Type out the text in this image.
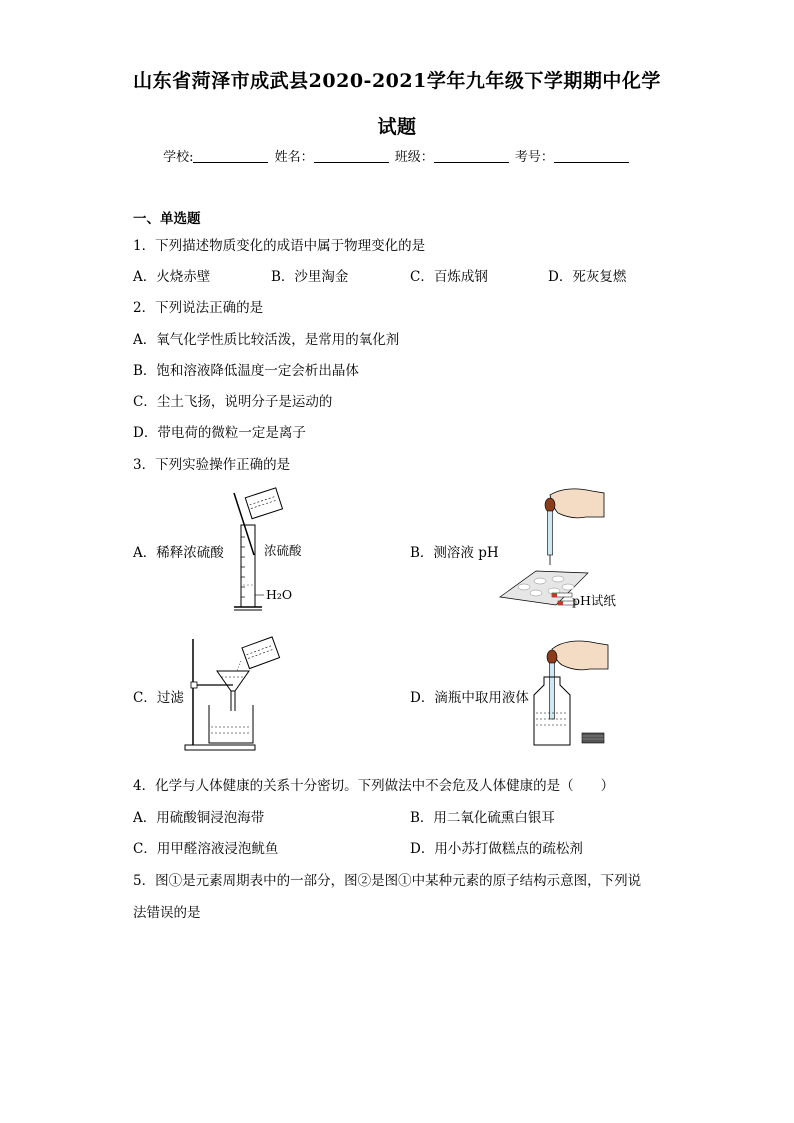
山东省菏泽市成武县2020-2021学年九年级下学期期中化学
试题
学校:	姓名：	班级：	考号：
一、单选题
1．下列描述物质变化的成语中属于物理变化的是
A．火烧赤壁	B．沙里淘金	C．百炼成钢	D．死灰复燃
2．下列说法正确的是
A．氧气化学性质比较活泼，是常用的氧化剂
B．饱和溶液降低温度一定会析出晶体
C．尘土飞扬，说明分子是运动的
D．带电荷的微粒一定是离子
3．下列实验操作正确的是
A．稀释浓硫酸	B．测溶液 pH
C．过滤	D．滴瓶中取用液体
浓硫酸
H₂O	pH试纸
4．化学与人体健康的关系十分密切。下列做法中不会危及人体健康的是（　　）
A．用硫酸铜浸泡海带	B．用二氧化硫熏白银耳
C．用甲醛溶液浸泡鱿鱼	D．用小苏打做糕点的疏松剂
5．图①是元素周期表中的一部分，图②是图①中某种元素的原子结构示意图，下列说
法错误的是
